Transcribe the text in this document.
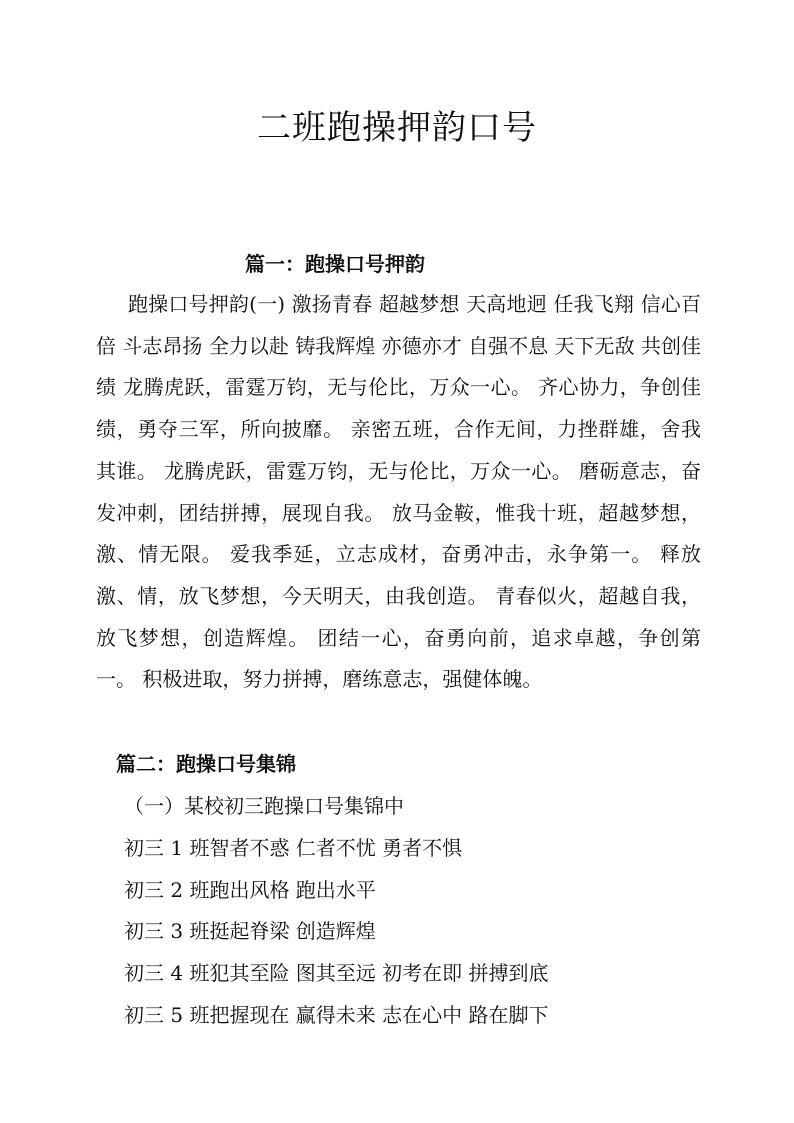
二班跑操押韵口号
篇一：跑操口号押韵

跑操口号押韵(一) 激扬青春 超越梦想 天高地迥 任我飞翔 信心百倍 斗志昂扬 全力以赴 铸我辉煌 亦德亦才 自强不息 天下无敌 共创佳绩 龙腾虎跃，雷霆万钧，无与伦比，万众一心。 齐心协力，争创佳绩，勇夺三军，所向披靡。 亲密五班，合作无间，力挫群雄，舍我其谁。 龙腾虎跃，雷霆万钧，无与伦比，万众一心。 磨砺意志，奋发冲刺，团结拼搏，展现自我。 放马金鞍，惟我十班，超越梦想，激、情无限。 爱我季延，立志成材，奋勇冲击，永争第一。 释放激、情，放飞梦想，今天明天，由我创造。 青春似火，超越自我，放飞梦想，创造辉煌。 团结一心，奋勇向前，追求卓越，争创第一。 积极进取，努力拼搏，磨练意志，强健体魄。

篇二：跑操口号集锦

（一）某校初三跑操口号集锦中

初三 1 班智者不惑 仁者不忧 勇者不惧
初三 2 班跑出风格 跑出水平
初三 3 班挺起脊梁 创造辉煌
初三 4 班犯其至险 图其至远 初考在即 拼搏到底
初三 5 班把握现在 赢得未来 志在心中 路在脚下
